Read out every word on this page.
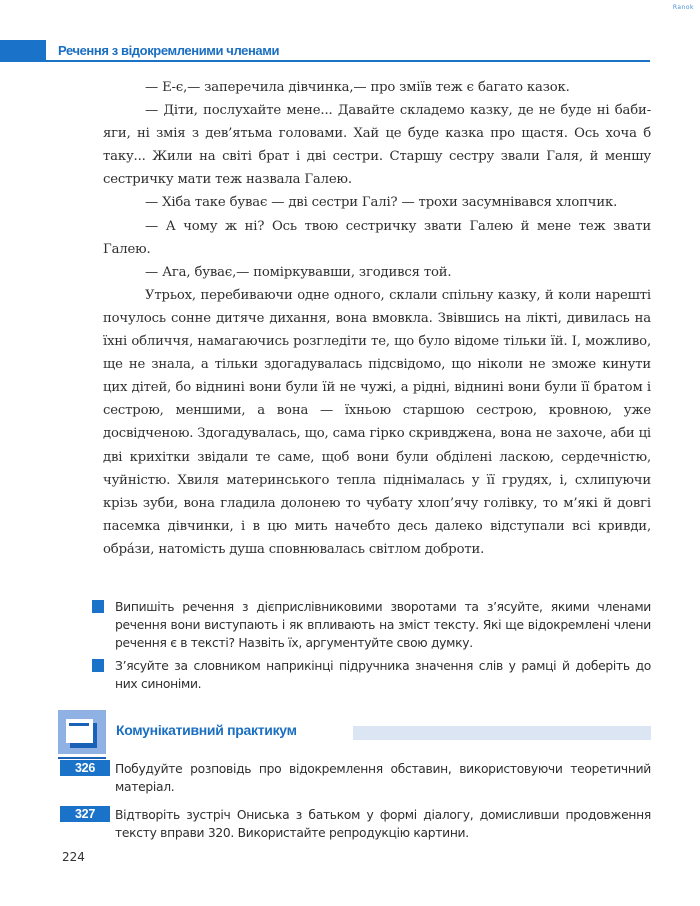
Ranok
Речення з відокремленими членами

— Е-є,— заперечила дівчинка,— про зміїв теж є багато казок.

— Діти, послухайте мене... Давайте складемо казку, де не буде ні баби-яги, ні змія з дев’ятьма головами. Хай це буде казка про щастя. Ось хоча б таку... Жили на світі брат і дві сестри. Старшу сестру звали Галя, й меншу сестричку мати теж назвала Галею.

— Хіба таке буває — дві сестри Галі? — трохи засумнівався хлопчик.

— А чому ж ні? Ось твою сестричку звати Галею й мене теж звати Галею.

— Ага, буває,— поміркувавши, згодився той.

Утрьох, перебиваючи одне одного, склали спільну казку, й коли нарешті почулось сонне дитяче дихання, вона вмовкла. Звівшись на лікті, дивилась на їхні обличчя, намагаючись розгледіти те, що було відоме тільки їй. І, можливо, ще не знала, а тільки здогадувалась підсвідомо, що ніколи не зможе кинути цих дітей, бо віднині вони були їй не чужі, а рідні, віднині вони були її братом і сестрою, меншими, а вона — їхньою старшою сестрою, кровною, уже досвідченою. Здогадувалась, що, сама гірко скривджена, вона не захоче, аби ці дві крихітки звідали те саме, щоб вони були обділені ласкою, сердечністю, чуйністю. Хвиля материнського тепла піднімалась у її грудях, і, схлипуючи крізь зуби, вона гладила долонею то чубату хлоп’ячу голівку, то м’які й довгі пасемка дівчинки, і в цю мить начебто десь далеко відступали всі кривди, обра́зи, натомість душа сповнювалась світлом доброти.

Випишіть речення з дієприслівниковими зворотами та з’ясуйте, якими членами речення вони виступають і як впливають на зміст тексту. Які ще відокремлені члени речення є в тексті? Назвіть їх, аргументуйте свою думку.
З’ясуйте за словником наприкінці підручника значення слів у рамці й доберіть до них синоніми.
Комунікативний практикум
326	Побудуйте розповідь про відокремлення обставин, використовуючи теоретичний матеріал.
327	Відтворіть зустріч Ониська з батьком у формі діалогу, домисливши продовження тексту вправи 320. Використайте репродукцію картини.
224
